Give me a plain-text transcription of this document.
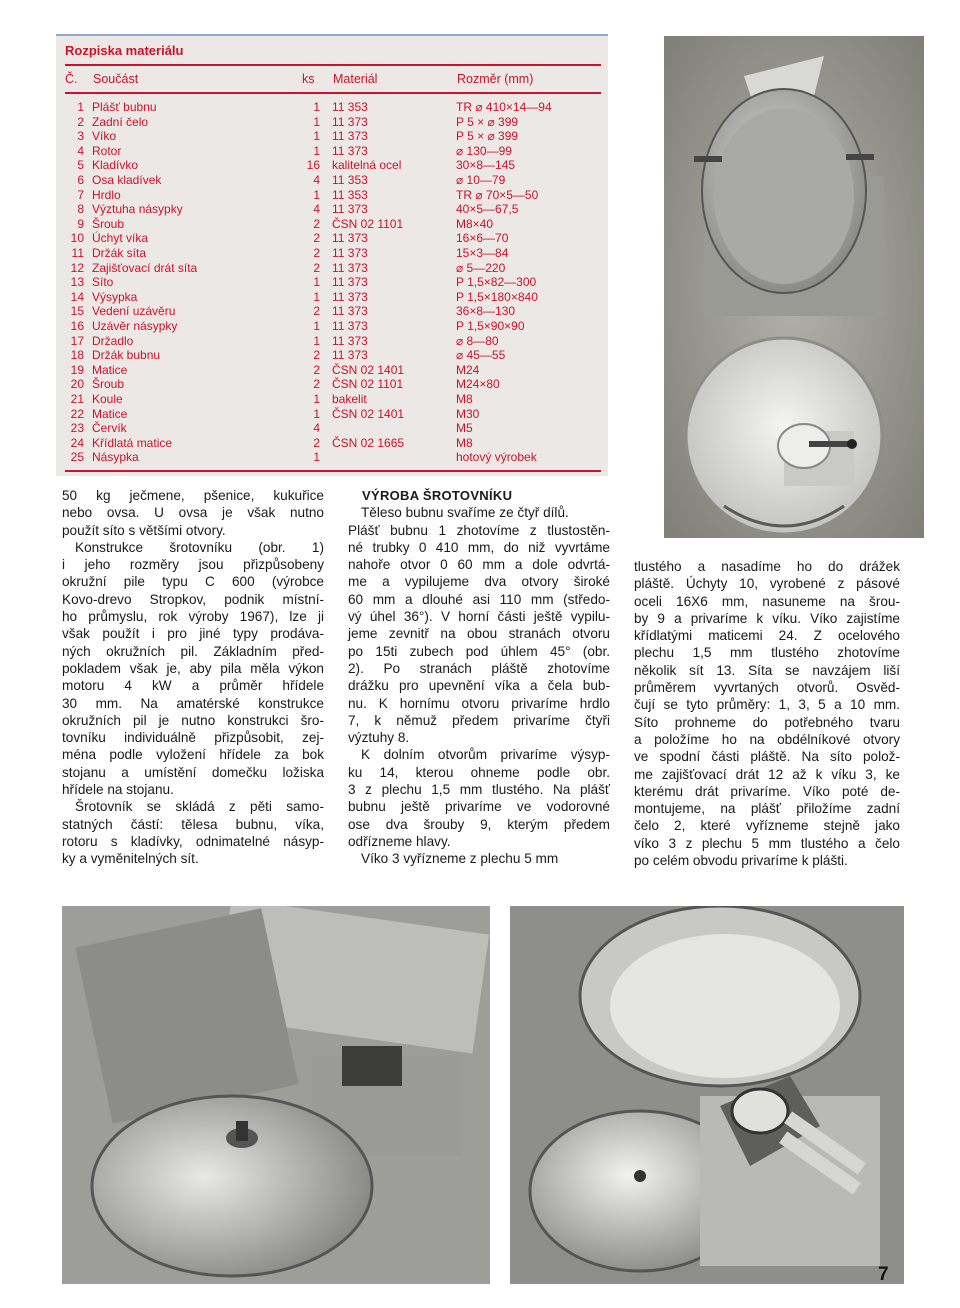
Rozpiska materiálu
Č. Součást	ks Materiál	Rozměr (mm)
1 Plášť bubnu	1 11 353	TR ⌀ 410×14—94
2 Zadní čelo	1 11 373	P 5 × ⌀ 399
3 Víko	1 11 373	P 5 × ⌀ 399
4 Rotor	1 11 373	⌀ 130—99
5 Kladívko	16 kalitelná ocel	30×8—145
6 Osa kladívek	4 11 353	⌀ 10—79
7 Hrdlo	1 11 353	TR ⌀ 70×5—50
8 Výztuha násypky	4 11 373	40×5—67,5
9 Šroub	2 ČSN 02 1101	M8×40
10 Úchyt víka	2 11 373	16×6—70
11 Držák síta	2 11 373	15×3—84
12 Zajišťovací drát síta	2 11 373	⌀ 5—220
13 Síto	1 11 373	P 1,5×82—300
14 Výsypka	1 11 373	P 1,5×180×840
15 Vedení uzávěru	2 11 373	36×8—130
16 Uzávěr násypky	1 11 373	P 1,5×90×90
17 Držadlo	1 11 373	⌀ 8—80
18 Držák bubnu	2 11 373	⌀ 45—55
19 Matice	2 ČSN 02 1401	M24
20 Šroub	2 ČSN 02 1101	M24×80
21 Koule	1 bakelit	M8
22 Matice	1 ČSN 02 1401	M30
23 Červík	4	M5
24 Křídlatá matice	2 ČSN 02 1665	M8
25 Násypka	1	hotový výrobek
50 kg ječmene, pšenice, kukuřice
nebo ovsa. U ovsa je však nutno
použít síto s většími otvory.
Konstrukce šrotovníku (obr. 1)
i jeho rozměry jsou přizpůsobeny
okružní pile typu C 600 (výrobce
Kovo-drevo Stropkov, podnik místní-
ho průmyslu, rok výroby 1967), lze ji
však použít i pro jiné typy prodáva-
ných okružních pil. Základním před-
pokladem však je, aby pila měla výkon
motoru 4 kW a průměr hřídele
30 mm. Na amatérské konstrukce
okružních pil je nutno konstrukci šro-
tovníku individuálně přizpůsobit, zej-
ména podle vyložení hřídele za bok
stojanu a umístění domečku ložiska
hřídele na stojanu.
Šrotovník se skládá z pěti samo-
statných částí: tělesa bubnu, víka,
rotoru s kladívky, odnimatelné násyp-
ky a vyměnitelných sít.
VÝROBA ŠROTOVNÍKU
Těleso bubnu svaříme ze čtyř dílů.
Plášť bubnu 1 zhotovíme z tlustostěn-
né trubky 0 410 mm, do niž vyvrtáme
nahoře otvor 0 60 mm a dole odvrtá-
me a vypilujeme dva otvory široké
60 mm a dlouhé asi 110 mm (středo-
vý úhel 36°). V horní části ještě vypilu-
jeme zevnitř na obou stranách otvoru
po 15ti zubech pod úhlem 45° (obr.
2). Po stranách pláště zhotovíme
drážku pro upevnění víka a čela bub-
nu. K hornímu otvoru privaríme hrdlo
7, k němuž předem privaríme čtyři
výztuhy 8.
K dolním otvorům privaríme výsyp-
ku 14, kterou ohneme podle obr.
3 z plechu 1,5 mm tlustého. Na plášť
bubnu ještě privaríme ve vodorovné
ose dva šrouby 9, kterým předem
odřízneme hlavy.
Víko 3 vyřízneme z plechu 5 mm
tlustého a nasadíme ho do drážek
pláště. Úchyty 10, vyrobené z pásové
oceli 16X6 mm, nasuneme na šrou-
by 9 a privaríme k víku. Víko zajistíme
křídlatými maticemi 24. Z ocelového
plechu 1,5 mm tlustého zhotovíme
několik sít 13. Síta se navzájem liší
průměrem vyvrtaných otvorů. Osvěd-
čují se tyto průměry: 1, 3, 5 a 10 mm.
Síto prohneme do potřebného tvaru
a položíme ho na obdélníkové otvory
ve spodní části pláště. Na síto polož-
me zajišťovací drát 12 až k víku 3, ke
kterému drát privaríme. Víko poté de-
montujeme, na plášť přiložíme zadní
čelo 2, které vyřízneme stejně jako
víko 3 z plechu 5 mm tlustého a čelo
po celém obvodu privaríme k plášti.
7
